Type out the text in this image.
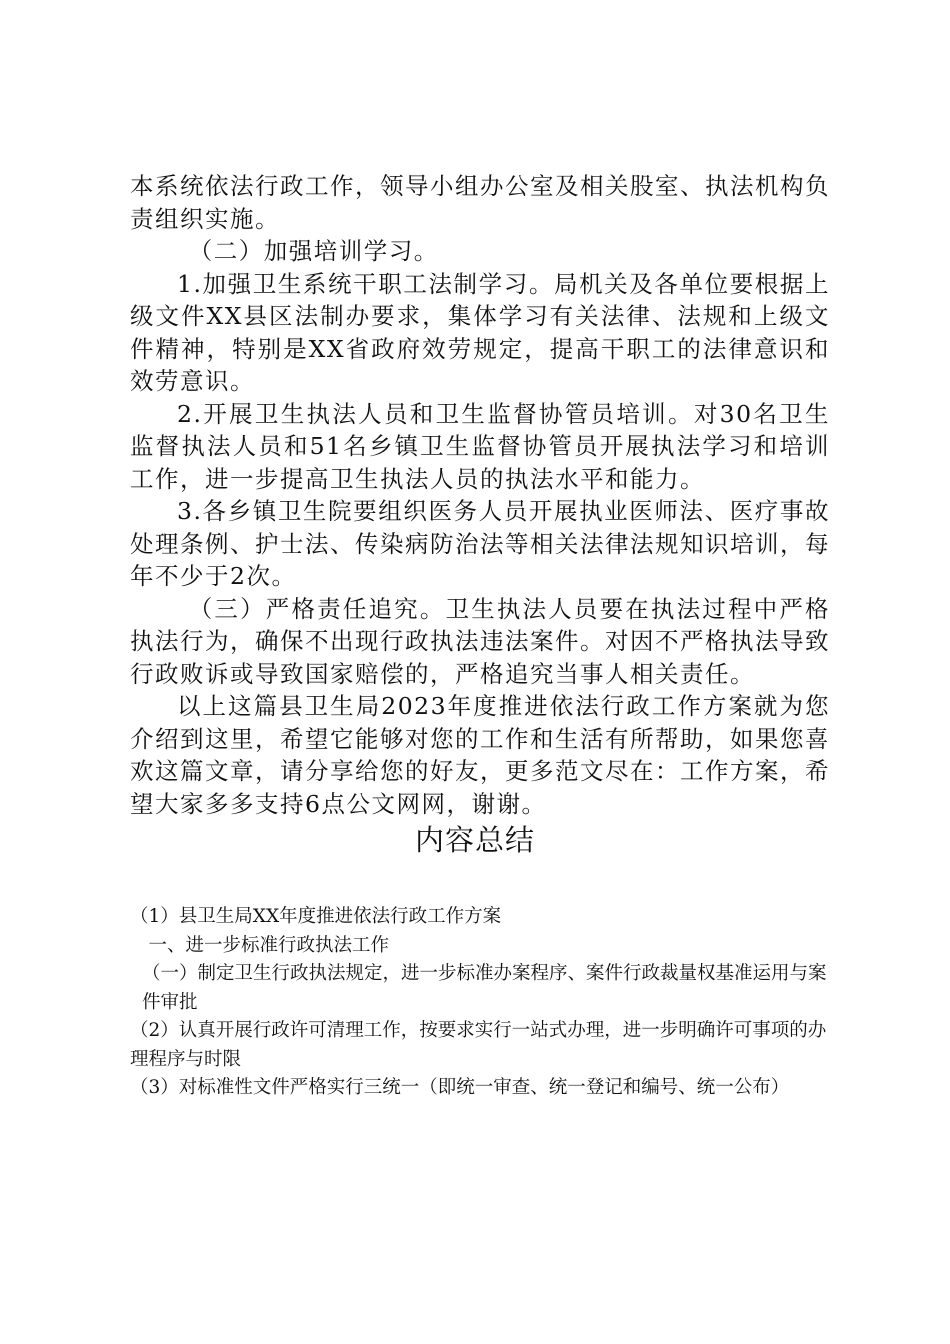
本系统依法行政工作，领导小组办公室及相关股室、执法机构负责组织实施。

（二）加强培训学习。

1.加强卫生系统干职工法制学习。局机关及各单位要根据上级文件XX县区法制办要求，集体学习有关法律、法规和上级文件精神，特别是XX省政府效劳规定，提高干职工的法律意识和效劳意识。

2.开展卫生执法人员和卫生监督协管员培训。对30名卫生监督执法人员和51名乡镇卫生监督协管员开展执法学习和培训工作，进一步提高卫生执法人员的执法水平和能力。

3.各乡镇卫生院要组织医务人员开展执业医师法、医疗事故处理条例、护士法、传染病防治法等相关法律法规知识培训，每年不少于2次。

（三）严格责任追究。卫生执法人员要在执法过程中严格执法行为，确保不出现行政执法违法案件。对因不严格执法导致行政败诉或导致国家赔偿的，严格追究当事人相关责任。

以上这篇县卫生局2023年度推进依法行政工作方案就为您介绍到这里，希望它能够对您的工作和生活有所帮助，如果您喜欢这篇文章，请分享给您的好友，更多范文尽在：工作方案，希望大家多多支持6点公文网网，谢谢。

内容总结

（1）县卫生局XX年度推进依法行政工作方案

一、进一步标准行政执法工作

（一）制定卫生行政执法规定，进一步标准办案程序、案件行政裁量权基准运用与案件审批

（2）认真开展行政许可清理工作，按要求实行一站式办理，进一步明确许可事项的办理程序与时限

（3）对标准性文件严格实行三统一（即统一审查、统一登记和编号、统一公布）
